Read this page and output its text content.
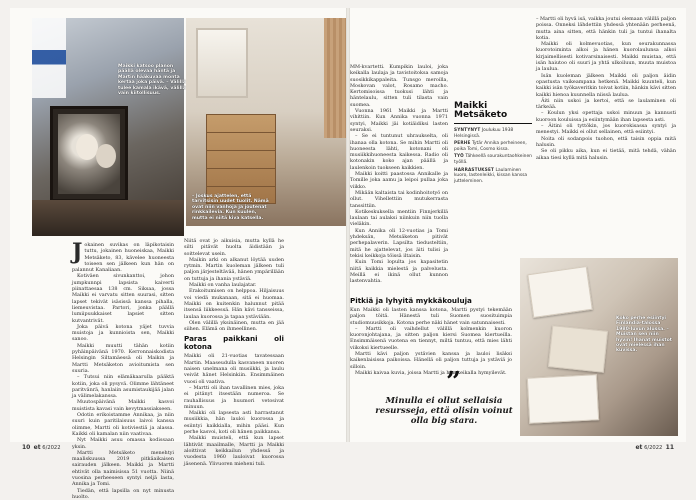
Maikki katsoo planon päällä olevaa häntä ja Martin hääkuvaa monta kertaa joka päivä. – Välillä tulee kamala ikävä, välillä vain kiitollisuus.
– Joskus ajattelen, että tarvitsisin uudet tuolit. Nämä ovat niin vanhoja ja joutenat rinkkailevia. Kun kuulen, mutta ei niitä kiva katsella.

J okainen suvikas on läpikotaisin tuttu, jokainen huoneiskaa, Maikki Metsäketo, 83, kävelee huoneesta toiseen sen jälkeen kun hän on palannut Kanaliaan.

Kotiväen sivunkanttoi, johon jumpkunnpi lapsista kaiverti piinattaesaa 138 cm. Siksaa, jossa Maikki ei varvatu sitten suurasi, sitten lapset tekivät isäsissä kanssa pihalla, liemeuvistaa. Partori, jonka päällä lumiipuukkaiset lapsiet sitten kutvantrivät.

Joka päivä kotona yäjet tuvvia muistoja ja kunnioista sen, Maikki sanoo.

Maikki muutti tähän kotiin pyhäinpäivänä 1970. Kerronnaiskodista Helsingin Siltamäessä oli Maikin ja Martti Metsäketon avioitumista sen suuria.

– Tutsui niin elämäkaarulla pääktä kotiin, joka oli pysyvä. Olimme lähtäneet paritvänrä, hanlaiin asumistaukijää jalan ja välimelakanssa.

Muutospäivänä Maikki kasvoi muistista kavasi vain kevytmassiakseen.

Odotin erikoistamme Annikaa, ja niin suuri kuin paritilaisuus laivoi kanssa olimme, Martti oli kotiviestiä ja alassa. Kaikki oli kamalan niin vaativaa.

Nyt Maikki asuu omassa kodissaan yksin.

Martti Metsäketo menehtyi maaliskuussa 2019 pitkäaikaisen sairauden jälkeen. Maikki ja Martti ehtivät olla naimisissa 51 vuotta. Niinä vuosina perheeseen syntyi neljä lasta, Annika ja Tomi.

Tiedän, että lapsilla on nyt minusta huolto.

Niitä ovat jo aikuisia, mutta kyllä he silti pitävät huolta äidistään ja soittelevat usein.

Maikin arki on alkanut löytää uuden rytmin. Martin kuoleman jälkeen tuli paljon järjesteltävää, hänen ympärillään on tuttuja ja ihania ystäviä.

Maikki on vanha laulajatar.

Erakoitumisen on helppoa. Hiljaisuus voi viedä mukanaan, sitä ei huomaa. Maikki on kuitenkin halunnut pitää itsensä liikkeessä. Hän kävi tansseissa, laulaa kuorossa ja tapaa ystäviään.

Olen välillä yksinäinen, mutta en jää siihen. Elämä on ihmeellinen.

Paras paikkani oli kotona

Maikki oli 21-vuotias tavatessaan Martin. Maaseudulla kasvaneen nuoren naisen unelmana oli musiikki, ja laulu veivät hänet Helsinkiin. Ensimmäinen vuosi oli vaativa.

– Martti oli ihan tavallinen mies, joka ei pitänyt itsestään numeroa. Se rauhallisuus ja huumori vetosivat minuun.

Maikki oli lapsesta asti harrastanut musiikkia, hän lauloi kuorossa ja esiintyi kaikkialla, mihin pääsi. Kun perhe kasvoi, koti oli hänen paikkansa.

Maikki muisteli, että kun lapset lähtivät maailmalle, Martti ja Maikki aloittivat keikkailun yhdessä ja vuodesta 1960 lauloivat kuorossa jäsenenä. Ylivuoren mieheni tuli.

10 et 6/2022

MM-kvartetti. Kumpikin lauloi, joka keikalla laulaja ja tavistoitoksa samoja suosikkikappaleita. Tunsgo meroilla, Moskovan valot, Rosamo macho. Kertomisoissa tuokusi lähti ja häntelaulu, sitten tuli tilasta vain suomea.

Vuonna 1961 Maikki ja Martti vihittiin. Kun Annika vuonna 1971 syntyi, Maikki jäi kotiäidiksi lasten seuraksi.

– Se ei tuntunut uhraukselta, oli ihanaa olla kotona. Se mihin Martti oli huoneesta lähti, kotonani oli musiikkihuoneesta kaikessa. Radio oli kotonakin koko ajan päällä ja laulenkoin tuokseen kaikkien.

Maikki koitti paastossa Annikalle ja Tomille joka aamu ja leipoi pullaa joka viikko.

Mikään kaltaista tai kodinhoitotyö on ollut. Vihellettiin mutukerrasta tanssittiin.

Kotikeskuksella mentiin Finnjerkillä laulaan tai aulaksi niinkuin niin tuolla vieläkin.

Kun Annika oli 12-vuotias ja Tomi yhdeksän, Metsäketon pitivät perhepalaverin. Lapsilta tiedusteltiin, mitä he ajattelevat, jos äiti tulisi ja tekisi keikkoja töissä iltaisin.

Kuin Tomi lopulta jos kapasitetin niitä kaikkia mielestä ja palvelusta. Meillä ei ikinä ollut kunnon lastenvahtia.

Maikki Metsäketo
SYNTYNYT Joulukuu 1938 Helsingissä.
PERHE Tytär Annika perheineen, poika Tomi, Cosmo kissa.
TYÖ Tähkeellä sourakuntaohkeinen työllä.
HARRASTUKSET Laulaminen kuoro, lastenleikki, kissan kanssa jutteleminen.

– Martti oli hyvä isä, vaikka joutui olemaan välillä paljon poissa. Onneksi lähdettiin yhdessä yhtenään perheenä, mutta aina sitten, että hänkin tuli ja tuntui ihanalta kotia.

Maikki oli kolmevuotias, kun seurakunnassa kuorotoiminta alkoi ja hänen kuorolaulunsa alkoi kirjaimellisesti kotivarsinaisesti. Maikki muistaa, että isän haiutoo oli suuri ja yhtä ulkoiluun, muuta muistoa ja laulua.

Isän kuoleman jälkeen Maikki oli paljon äidin opastusta vaikeampana hetkenä. Maikki kuunteli, kun kaikki isän työkaveritkin toivat kotiin, hänkin kävi sitten kaikki hienoa kuunnella niissä laulua.

Äiti niin uskoi ja kertoi, että se laulaminen oli tärkeää.

– Koulun yksi opettaja uskoi minuun ja kannusti kuoroon kouluissa ja esiintymään ihan lapsesta asti.

– Äitini oli tyttökin, jos kuorokisassa syntyi ja menestyi. Maikki ei ollut sellainen, että esiintyi.

Noita oli sodanpois tuohon, että taisin oppia mitä halusin.

Se oli pikku aika, kun ei tietää, mitä tehdä, vähän aikaa tiesi kyllä mitä halusin.

Pitkiä ja lyhyitä mykkäkouluja

Kun Maikki oli lasten kanssa kotona, Martti pystyi tekemään paljon töitä. Hänestä tuli Suomen suosituimpia studiomuusikkoja. Kotona perhe näki hänet vain satunnaisesti.

– Martti oli vaihdellut välillä kolmenkin kuoron kuoronjohtajana, ja sitten paljon kiersi Suomea kiertueilla. Ensimmäisenä vuotena en tiennyt, miltä tuntuu, että mies lähti viikoksi kiertueelle.

Martti kävi paljon ystävien kanssa ja lauloi lisäksi kaikenlaisissa paikoissa. Hänellä oli paljon tuttuja ja ystäviä jo silloin.

Maikki kaivaa kuvia, joissa Martti ja hän keikalla hymyilevät.

”
Minulla ei ollut sellaisia resursseja, että olisin voinut olla big stara.
Koko perhe esiintyi Finlandia-talossa 1980-luvun alussa. – Muistan sen niin hyvin! Ihanat muistot ovat mielessä ihan kuvissa.
et 6/2022 11
